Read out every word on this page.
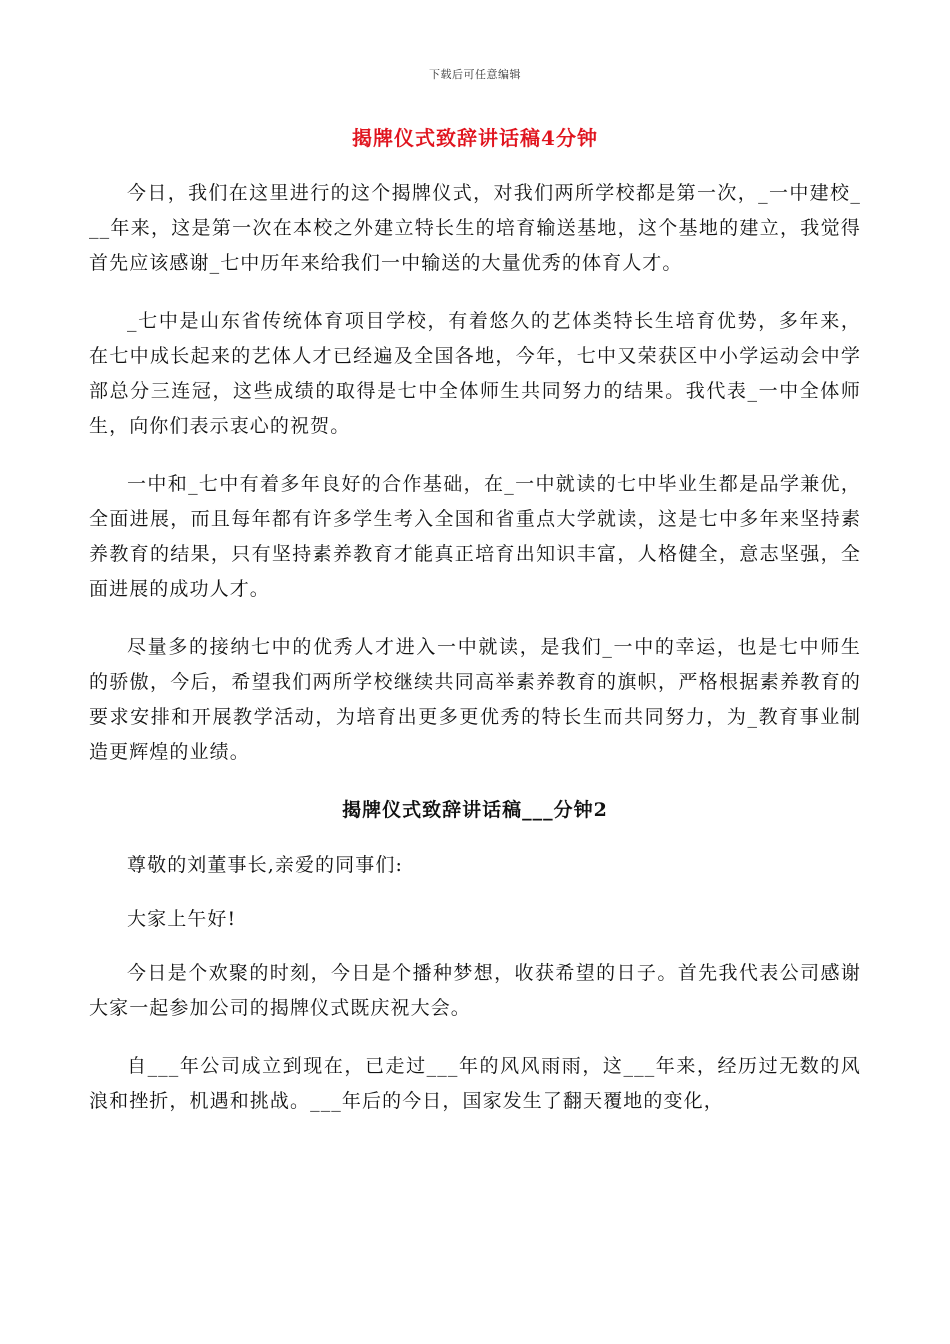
下载后可任意编辑
揭牌仪式致辞讲话稿4分钟

今日，我们在这里进行的这个揭牌仪式，对我们两所学校都是第一次，_一中建校___年来，这是第一次在本校之外建立特长生的培育输送基地，这个基地的建立，我觉得首先应该感谢_七中历年来给我们一中输送的大量优秀的体育人才。

_七中是山东省传统体育项目学校，有着悠久的艺体类特长生培育优势，多年来，在七中成长起来的艺体人才已经遍及全国各地，今年，七中又荣获区中小学运动会中学部总分三连冠，这些成绩的取得是七中全体师生共同努力的结果。我代表_一中全体师生，向你们表示衷心的祝贺。

一中和_七中有着多年良好的合作基础，在_一中就读的七中毕业生都是品学兼优，全面进展，而且每年都有许多学生考入全国和省重点大学就读，这是七中多年来坚持素养教育的结果，只有坚持素养教育才能真正培育出知识丰富，人格健全，意志坚强，全面进展的成功人才。

尽量多的接纳七中的优秀人才进入一中就读，是我们_一中的幸运，也是七中师生的骄傲，今后，希望我们两所学校继续共同高举素养教育的旗帜，严格根据素养教育的要求安排和开展教学活动，为培育出更多更优秀的特长生而共同努力，为_教育事业制造更辉煌的业绩。

揭牌仪式致辞讲话稿___分钟2

尊敬的刘董事长,亲爱的同事们:

大家上午好!

今日是个欢聚的时刻，今日是个播种梦想，收获希望的日子。首先我代表公司感谢大家一起参加公司的揭牌仪式既庆祝大会。

自___年公司成立到现在，已走过___年的风风雨雨，这___年来，经历过无数的风浪和挫折，机遇和挑战。___年后的今日，国家发生了翻天覆地的变化，
